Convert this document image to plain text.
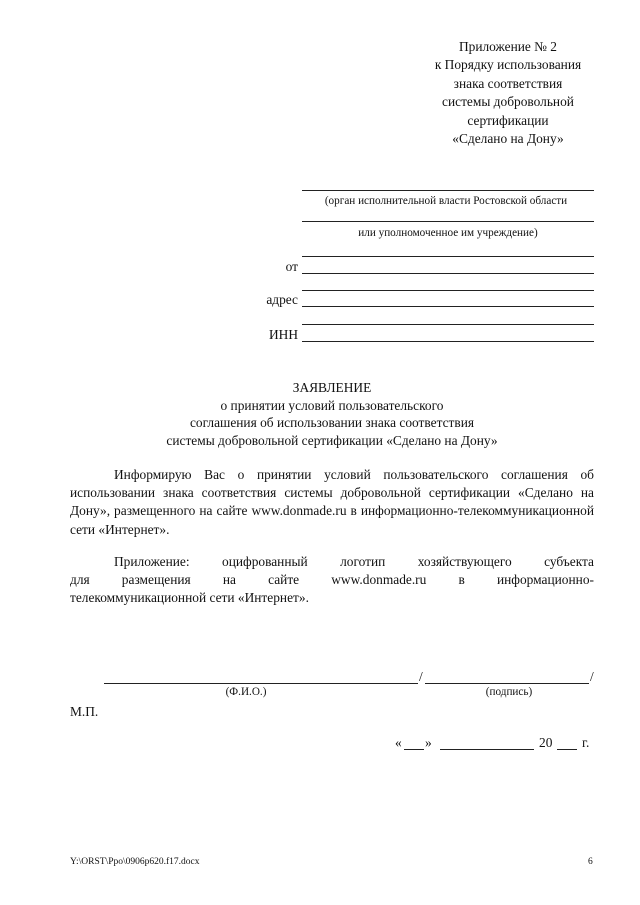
Приложение № 2
к Порядку использования
знака соответствия
системы добровольной
сертификации
«Сделано на Дону»
(орган исполнительной власти Ростовской области
или уполномоченное им учреждение)
от
адрес
ИНН
ЗАЯВЛЕНИЕ
о принятии условий пользовательского
соглашения об использовании знака соответствия
системы добровольной сертификации «Сделано на Дону»
Информирую Вас о принятии условий пользовательского соглашения об использовании знака соответствия системы добровольной сертификации «Сделано на Дону», размещенного на сайте www.donmade.ru в информационно-телекоммуникационной сети «Интернет».
Приложение: оцифрованный логотип хозяйствующего субъекта
для размещения на сайте www.donmade.ru в информационно-
телекоммуникационной сети «Интернет».
/	/
(Ф.И.О.)	(подпись)
М.П.
« »	20 г.
Y:\ORST\Ppo\0906p620.f17.docx	6
